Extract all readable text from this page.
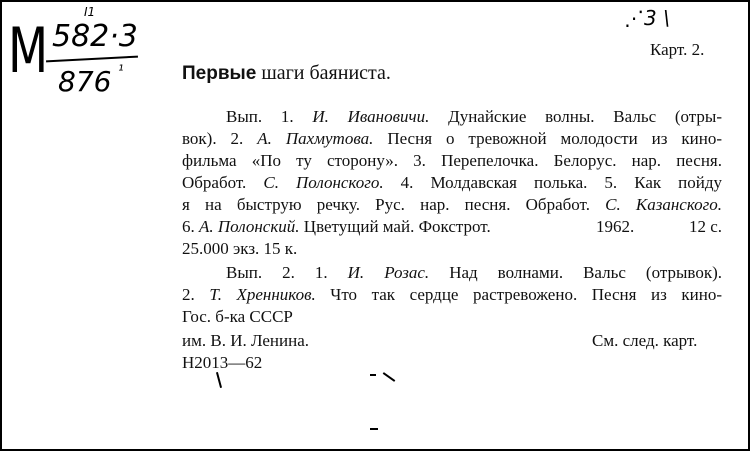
M
I1
582·3
876 ¹
⋰3 \
Карт. 2.
Первые шаги баяниста.
Вып. 1. И. Ивановичи. Дунайские волны. Вальс (отры-
вок). 2. А. Пахмутова. Песня о тревожной молодости из кино-
фильма «По ту сторону». 3. Перепелочка. Белорус. нар. песня.
Обработ. С. Полонского. 4. Молдавская полька. 5. Как пойду
я на быструю речку. Рус. нар. песня. Обработ. С. Казанского.
6. А. Полонский. Цветущий май. Фокстрот.	1962.	12 с.
25.000 экз. 15 к.
Вып. 2. 1. И. Розас. Над волнами. Вальс (отрывок).
2. Т. Хренников. Что так сердце растревожено. Песня из кино-
Гос. б-ка СССР
им. В. И. Ленина.	См. след. карт.
Н2013—62
